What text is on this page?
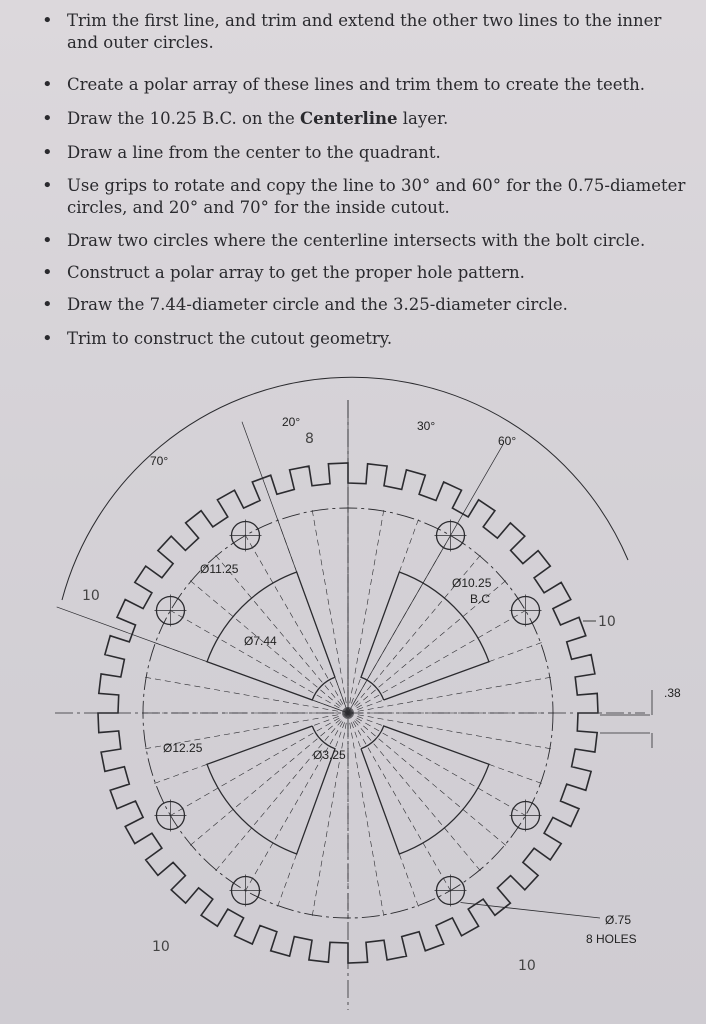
• Trim the first line, and trim and extend the other two lines to the inner and outer circles.
• Create a polar array of these lines and trim them to create the teeth.
• Draw the 10.25 B.C. on the Centerline layer.
• Draw a line from the center to the quadrant.
• Use grips to rotate and copy the line to 30° and 60° for the 0.75-diameter circles, and 20° and 70° for the inside cutout.
• Draw two circles where the centerline intersects with the bolt circle.
• Construct a polar array to get the proper hole pattern.
• Draw the 7.44-diameter circle and the 3.25-diameter circle.
• Trim to construct the cutout geometry.
20°	30°
60°
70°
Ø11.25
Ø10.25
B.C
Ø7.44
Ø12.25	Ø3.25
.38
Ø.75
8 HOLES
10
10
10
10
8
